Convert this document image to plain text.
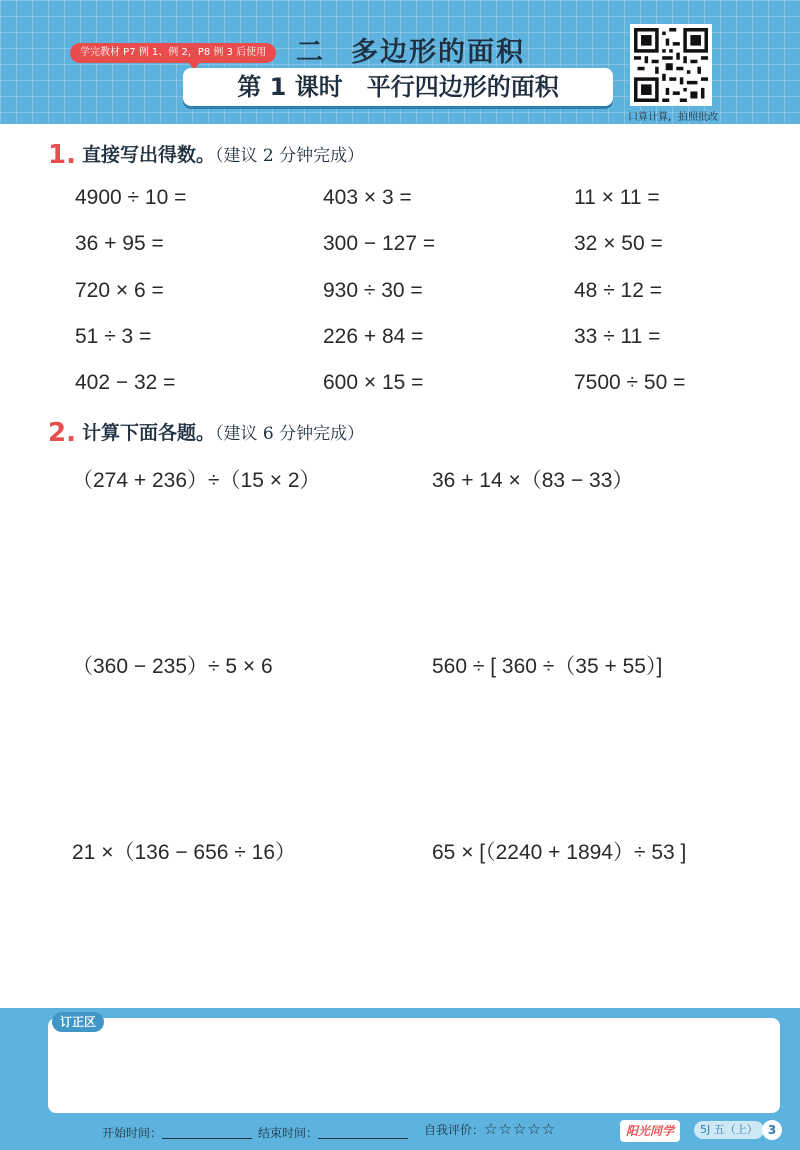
学完教材 P7 例 1、例 2，P8 例 3 后使用	二 多边形的面积
第 1 课时 平行四边形的面积
口算计算，拍照批改
1. 直接写出得数。（建议 2 分钟完成）
4900 ÷ 10 =	403 × 3 =	11 × 11 =
36 + 95 =	300 − 127 =	32 × 50 =
720 × 6 =	930 ÷ 30 =	48 ÷ 12 =
51 ÷ 3 =	226 + 84 =	33 ÷ 11 =
402 − 32 =	600 × 15 =	7500 ÷ 50 =
2. 计算下面各题。（建议 6 分钟完成）
（274 + 236）÷（15 × 2）	36 + 14 ×（83 − 33）
（360 − 235）÷ 5 × 6	560 ÷ [ 360 ÷（35 + 55）]
21 ×（136 − 656 ÷ 16）	65 × [（2240 + 1894）÷ 53 ]
订正区
开始时间：	结束时间：	自我评价：☆☆☆☆☆	阳光同学	5J 五（上） 3
